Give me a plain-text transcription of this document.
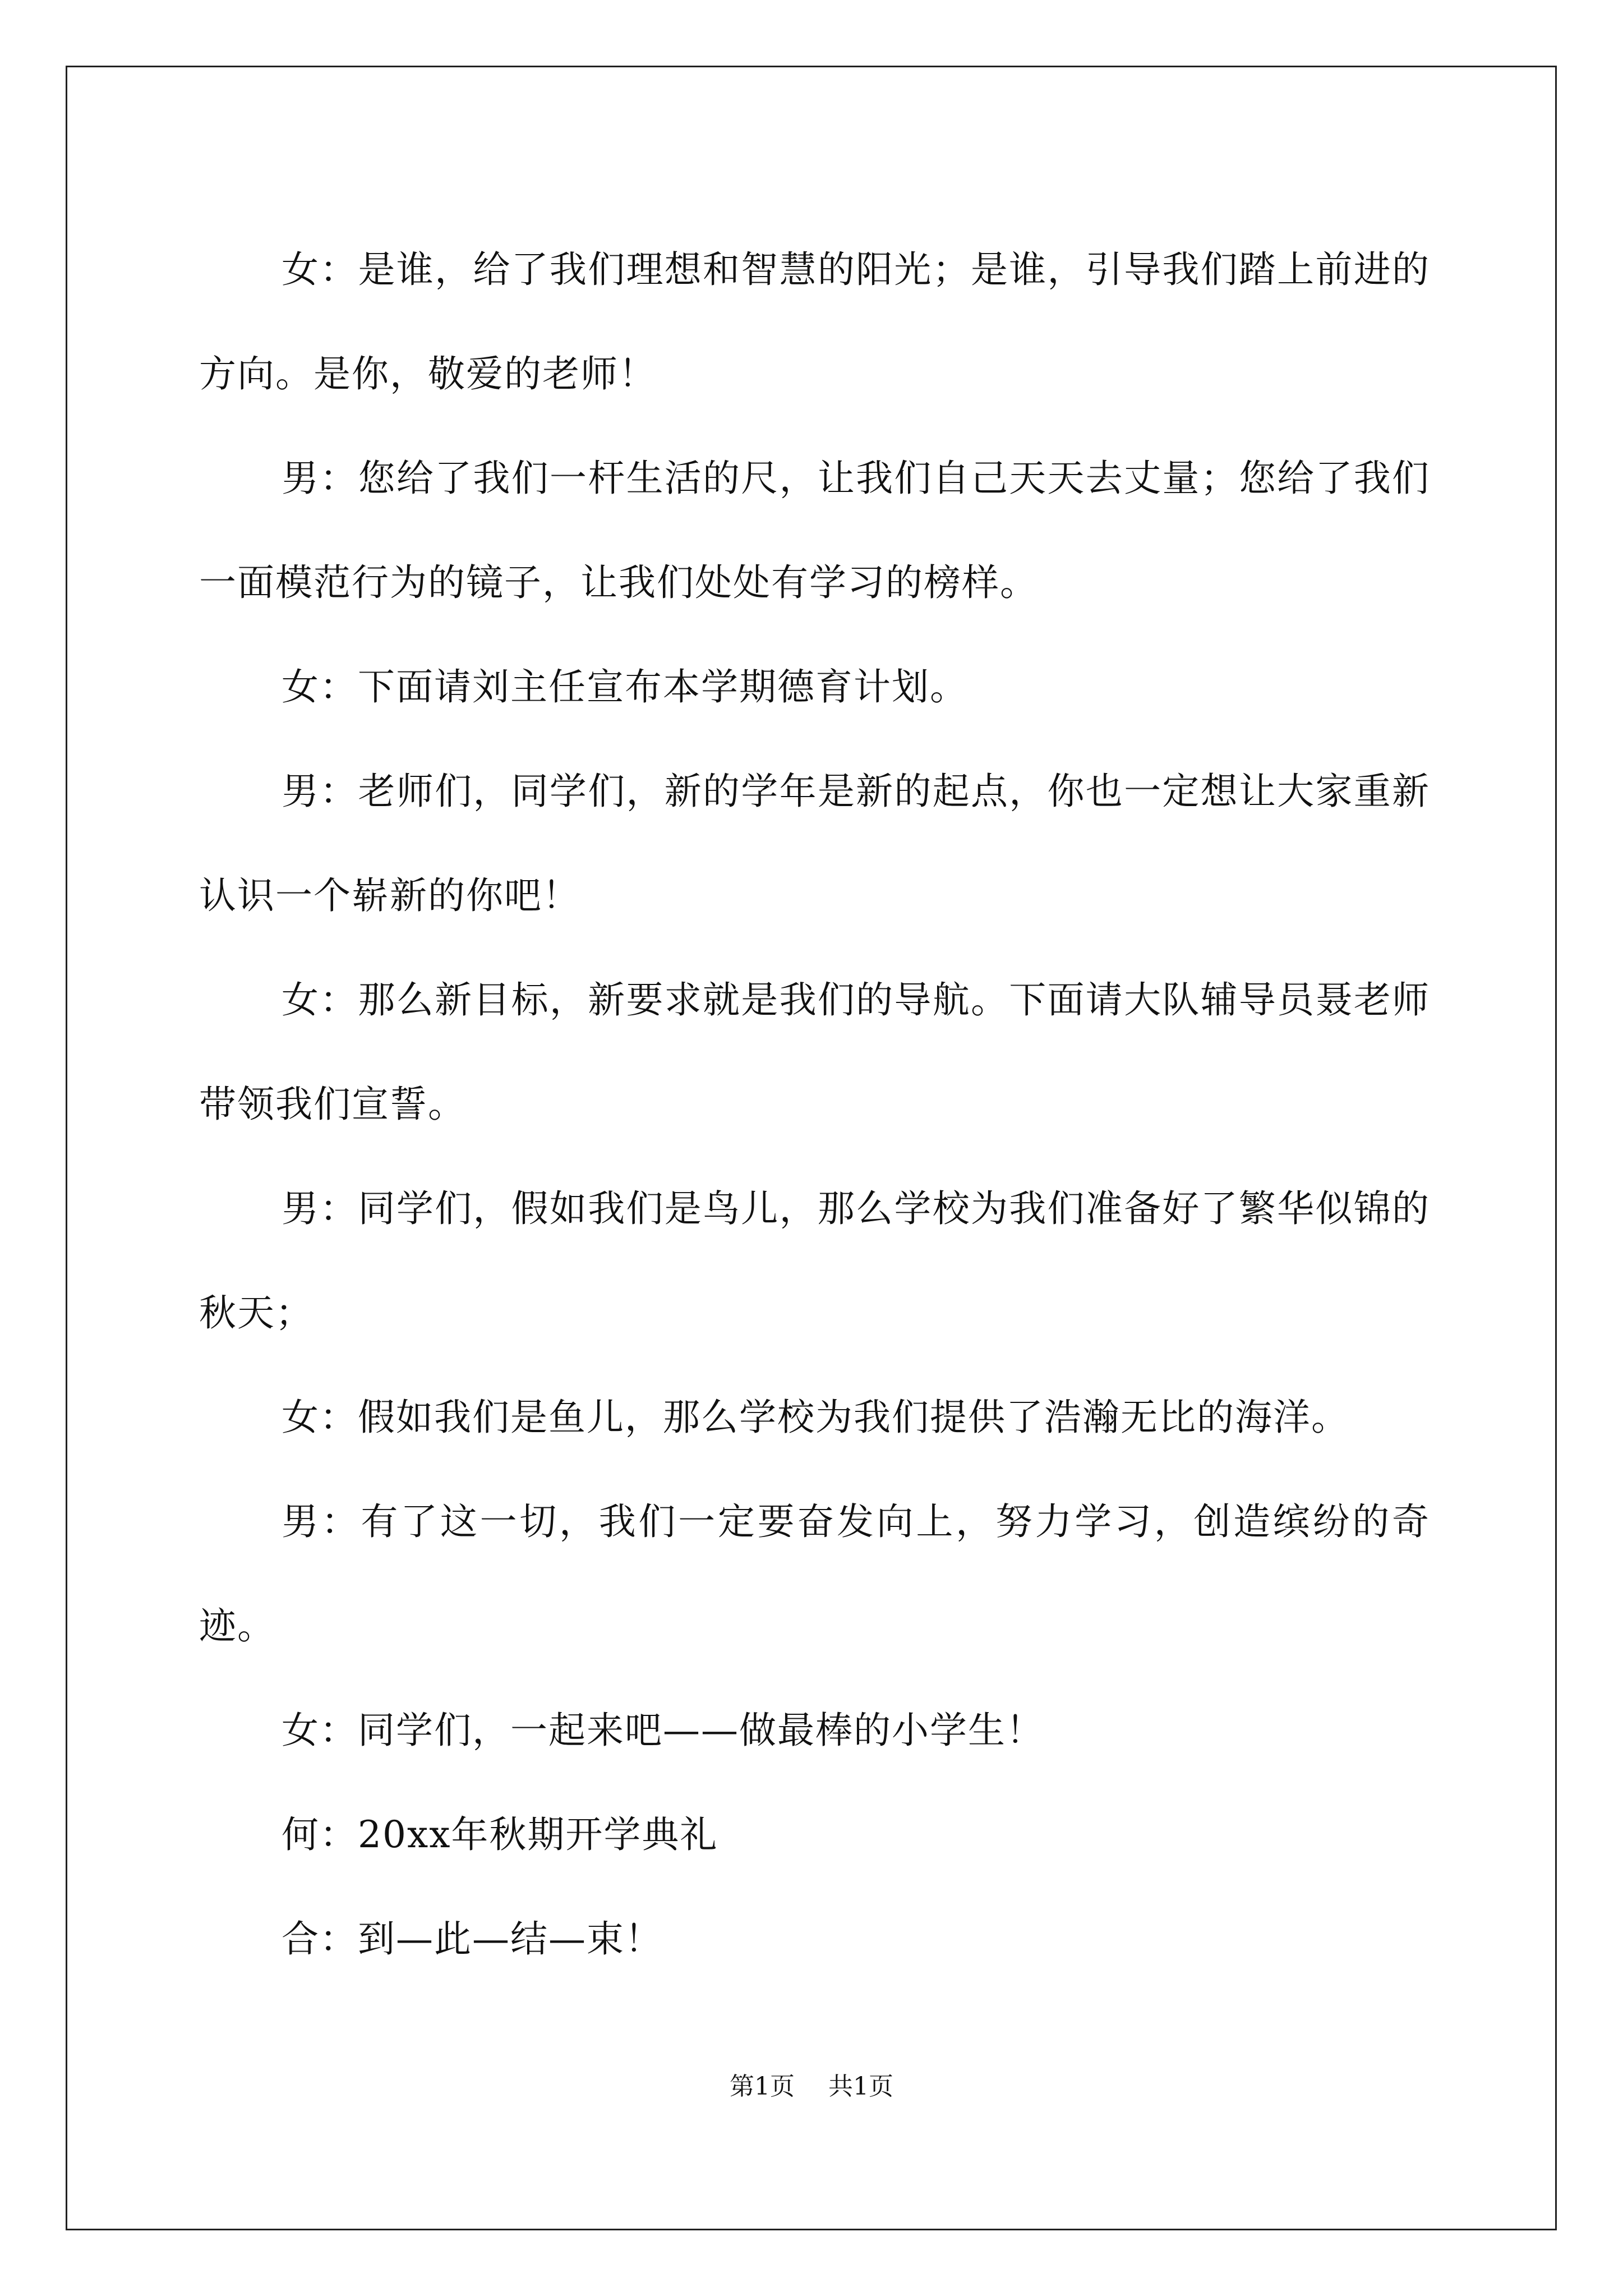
女：是谁，给了我们理想和智慧的阳光；是谁，引导我们踏上前进的方向。是你，敬爱的老师！

男：您给了我们一杆生活的尺，让我们自己天天去丈量；您给了我们一面模范行为的镜子，让我们处处有学习的榜样。

女：下面请刘主任宣布本学期德育计划。

男：老师们，同学们，新的学年是新的起点，你也一定想让大家重新认识一个崭新的你吧！

女：那么新目标，新要求就是我们的导航。下面请大队辅导员聂老师带领我们宣誓。

男：同学们，假如我们是鸟儿，那么学校为我们准备好了繁华似锦的秋天；

女：假如我们是鱼儿，那么学校为我们提供了浩瀚无比的海洋。

男：有了这一切，我们一定要奋发向上，努力学习，创造缤纷的奇迹。

女：同学们，一起来吧——做最棒的小学生！

何：20xx年秋期开学典礼

合：到—此—结—束！

第1页 共1页
